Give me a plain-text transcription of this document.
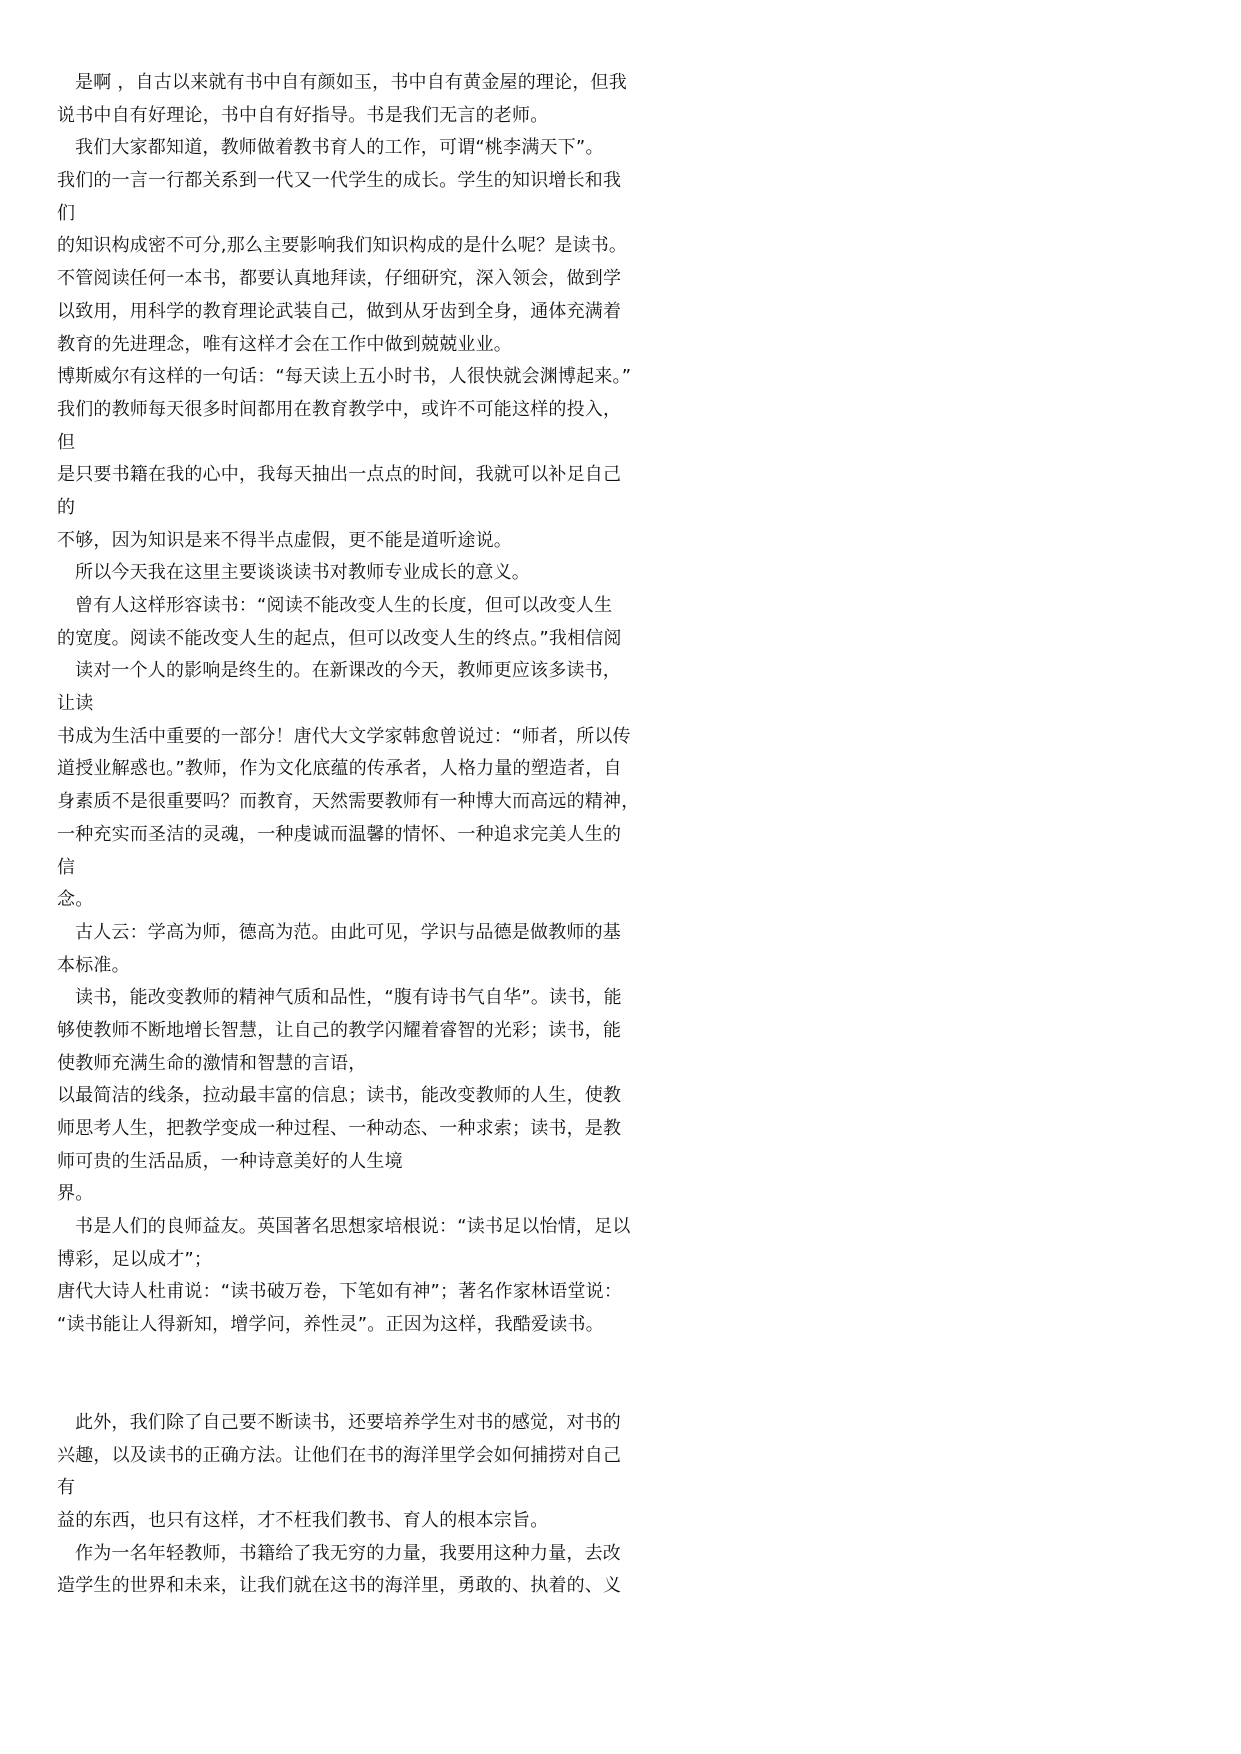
是啊 ，自古以来就有书中自有颜如玉，书中自有黄金屋的理论，但我
说书中自有好理论，书中自有好指导。书是我们无言的老师。
我们大家都知道，教师做着教书育人的工作，可谓“桃李满天下”。
我们的一言一行都关系到一代又一代学生的成长。学生的知识增长和我
们
的知识构成密不可分,那么主要影响我们知识构成的是什么呢？是读书。
不管阅读任何一本书，都要认真地拜读，仔细研究，深入领会，做到学
以致用，用科学的教育理论武装自己，做到从牙齿到全身，通体充满着
教育的先进理念，唯有这样才会在工作中做到兢兢业业。
博斯威尔有这样的一句话：“每天读上五小时书，人很快就会渊博起来。”
我们的教师每天很多时间都用在教育教学中，或许不可能这样的投入，
但
是只要书籍在我的心中，我每天抽出一点点的时间，我就可以补足自己
的
不够，因为知识是来不得半点虚假，更不能是道听途说。
所以今天我在这里主要谈谈读书对教师专业成长的意义。
曾有人这样形容读书：“阅读不能改变人生的长度，但可以改变人生
的宽度。阅读不能改变人生的起点，但可以改变人生的终点。”我相信阅
读对一个人的影响是终生的。在新课改的今天，教师更应该多读书，
让读
书成为生活中重要的一部分！唐代大文学家韩愈曾说过：“师者，所以传
道授业解惑也。”教师，作为文化底蕴的传承者，人格力量的塑造者，自
身素质不是很重要吗？而教育，天然需要教师有一种博大而高远的精神，
一种充实而圣洁的灵魂，一种虔诚而温馨的情怀、一种追求完美人生的
信
念。
古人云：学高为师，德高为范。由此可见，学识与品德是做教师的基
本标准。
读书，能改变教师的精神气质和品性，“腹有诗书气自华”。读书，能
够使教师不断地增长智慧，让自己的教学闪耀着睿智的光彩；读书，能
使教师充满生命的激情和智慧的言语，
以最简洁的线条，拉动最丰富的信息；读书，能改变教师的人生，使教
师思考人生，把教学变成一种过程、一种动态、一种求索；读书，是教
师可贵的生活品质，一种诗意美好的人生境
界。
书是人们的良师益友。英国著名思想家培根说：“读书足以怡情，足以
博彩，足以成才”；
唐代大诗人杜甫说：“读书破万卷，下笔如有神”；著名作家林语堂说：
“读书能让人得新知，增学问，养性灵”。正因为这样，我酷爱读书。
此外，我们除了自己要不断读书，还要培养学生对书的感觉，对书的
兴趣，以及读书的正确方法。让他们在书的海洋里学会如何捕捞对自己
有
益的东西，也只有这样，才不枉我们教书、育人的根本宗旨。
作为一名年轻教师，书籍给了我无穷的力量，我要用这种力量，去改
造学生的世界和未来，让我们就在这书的海洋里，勇敢的、执着的、义
